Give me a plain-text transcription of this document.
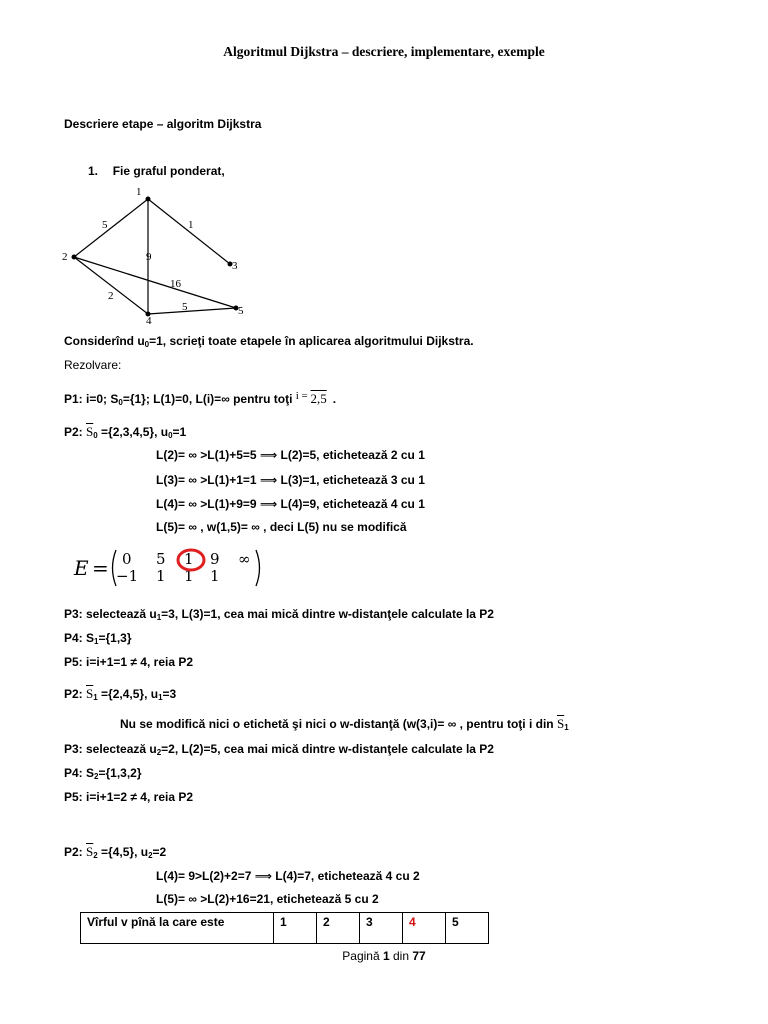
Algoritmul Dijkstra – descriere, implementare, exemple
Descriere etape – algoritm Dijkstra
1. Fie graful ponderat,
1
2
3
4
5
5	1
9
16
2
5
Considerînd $u_0=1$, scrieţi toate etapele în aplicarea algoritmului Dijkstra.
Rezolvare:
P1: i=0; $S_0=\{1\}$; L(1)=0, L(i)=∞ pentru toţi i = 2,5 .
P2: $\overline{S}_0 =\{2,3,4,5\}$, $u_0=1$
L(2)= ∞ >L(1)+5=5 ⟹ L(2)=5, etichetează 2 cu 1
L(3)= ∞ >L(1)+1=1 ⟹ L(3)=1, etichetează 3 cu 1
L(4)= ∞ >L(1)+9=9 ⟹ L(4)=9, etichetează 4 cu 1
L(5)= ∞ , w(1,5)= ∞ , deci L(5) nu se modifică
E = 0 5 1 9 ∞
−1 1 1 1
P3: selectează $u_1=3$, L(3)=1, cea mai mică dintre w-distanţele calculate la P2
P4: $S_1=\{1,3\}$
P5: i=i+1=1 ≠ 4, reia P2
P2: $\overline{S}_1 =\{2,4,5\}$, $u_1=3$
Nu se modifică nici o etichetă şi nici o w-distanţă (w(3,i)= ∞ , pentru toţi i din $\overline{S}_1$
P3: selectează $u_2=2$, L(2)=5, cea mai mică dintre w-distanţele calculate la P2
P4: $S_2=\{1,3,2\}$
P5: i=i+1=2 ≠ 4, reia P2
P2: $\overline{S}_2 =\{4,5\}$, $u_2=2$
L(4)= 9>L(2)+2=7 ⟹ L(4)=7, etichetează 4 cu 2
L(5)= ∞ >L(2)+16=21, etichetează 5 cu 2
Vîrful v pînă la care este	1	2	3	4	5
Pagină 1 din 77
